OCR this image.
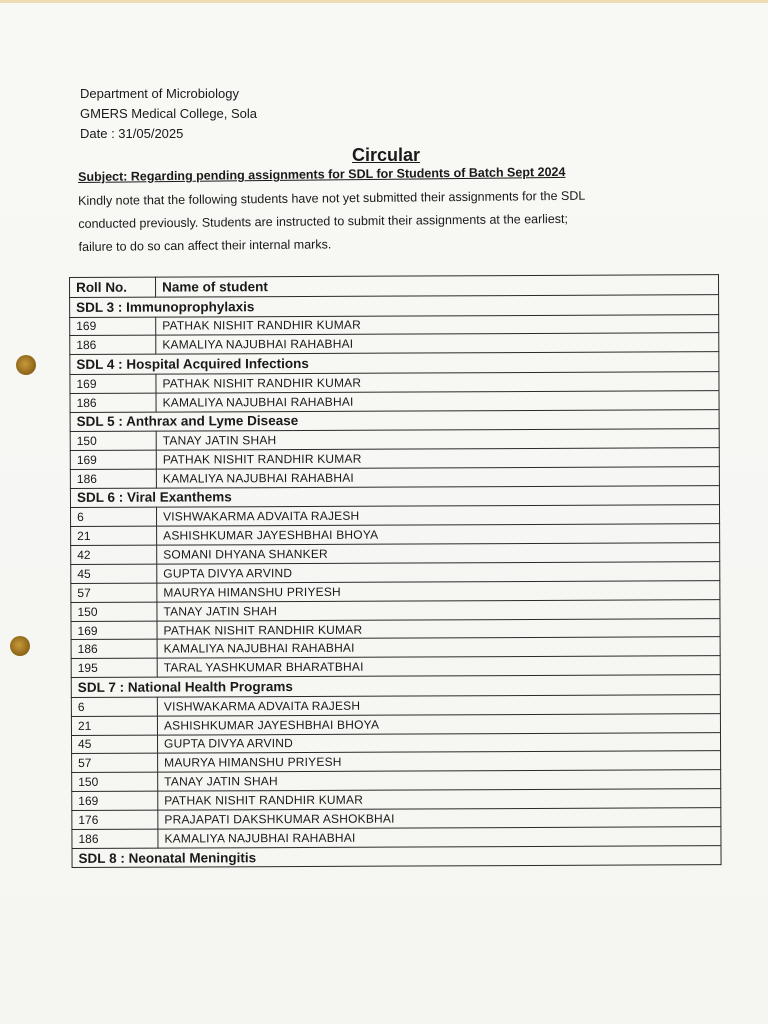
Department of Microbiology
GMERS Medical College, Sola
Date : 31/05/2025
Circular
Subject: Regarding pending assignments for SDL for Students of Batch Sept 2024
Kindly note that the following students have not yet submitted their assignments for the SDL
conducted previously. Students are instructed to submit their assignments at the earliest;
failure to do so can affect their internal marks.
Roll No.	Name of student
SDL 3 : Immunoprophylaxis	
169	PATHAK NISHIT RANDHIR KUMAR
186	KAMALIYA NAJUBHAI RAHABHAI
SDL 4 : Hospital Acquired Infections	
169	PATHAK NISHIT RANDHIR KUMAR
186	KAMALIYA NAJUBHAI RAHABHAI
SDL 5 : Anthrax and Lyme Disease	
150	TANAY JATIN SHAH
169	PATHAK NISHIT RANDHIR KUMAR
186	KAMALIYA NAJUBHAI RAHABHAI
SDL 6 : Viral Exanthems	
6	VISHWAKARMA ADVAITA RAJESH
21	ASHISHKUMAR JAYESHBHAI BHOYA
42	SOMANI DHYANA SHANKER
45	GUPTA DIVYA ARVIND
57	MAURYA HIMANSHU PRIYESH
150	TANAY JATIN SHAH
169	PATHAK NISHIT RANDHIR KUMAR
186	KAMALIYA NAJUBHAI RAHABHAI
195	TARAL YASHKUMAR BHARATBHAI
SDL 7 : National Health Programs	
6	VISHWAKARMA ADVAITA RAJESH
21	ASHISHKUMAR JAYESHBHAI BHOYA
45	GUPTA DIVYA ARVIND
57	MAURYA HIMANSHU PRIYESH
150	TANAY JATIN SHAH
169	PATHAK NISHIT RANDHIR KUMAR
176	PRAJAPATI DAKSHKUMAR ASHOKBHAI
186	KAMALIYA NAJUBHAI RAHABHAI
SDL 8 : Neonatal Meningitis	
